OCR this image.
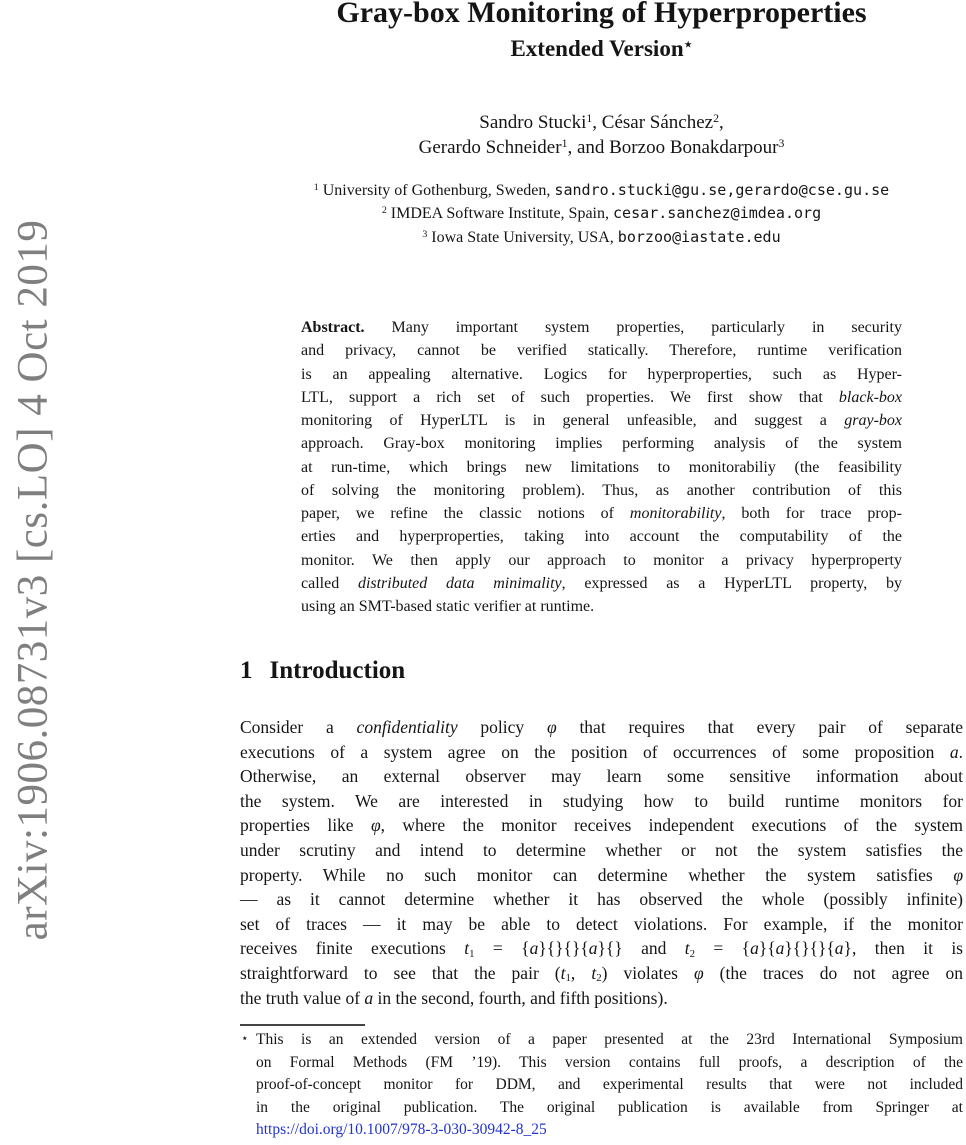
arXiv:1906.08731v3 [cs.LO] 4 Oct 2019
Gray-box Monitoring of Hyperproperties
Extended Version⋆
Sandro Stucki$^1$, César Sánchez$^2$,
Gerardo Schneider$^1$, and Borzoo Bonakdarpour$^3$
$^1$ University of Gothenburg, Sweden, sandro.stucki@gu.se,gerardo@cse.gu.se
$^2$ IMDEA Software Institute, Spain, cesar.sanchez@imdea.org
$^3$ Iowa State University, USA, borzoo@iastate.edu
Abstract. Many important system properties, particularly in security
and privacy, cannot be verified statically. Therefore, runtime verification
is an appealing alternative. Logics for hyperproperties, such as Hyper-
LTL, support a rich set of such properties. We first show that black-box
monitoring of HyperLTL is in general unfeasible, and suggest a gray-box
approach. Gray-box monitoring implies performing analysis of the system
at run-time, which brings new limitations to monitorabiliy (the feasibility
of solving the monitoring problem). Thus, as another contribution of this
paper, we refine the classic notions of monitorability, both for trace prop-
erties and hyperproperties, taking into account the computability of the
monitor. We then apply our approach to monitor a privacy hyperproperty
called distributed data minimality, expressed as a HyperLTL property, by
using an SMT-based static verifier at runtime.
1 Introduction
Consider a confidentiality policy φ that requires that every pair of separate
executions of a system agree on the position of occurrences of some proposition a.
Otherwise, an external observer may learn some sensitive information about
the system. We are interested in studying how to build runtime monitors for
properties like φ, where the monitor receives independent executions of the system
under scrutiny and intend to determine whether or not the system satisfies the
property. While no such monitor can determine whether the system satisfies φ
— as it cannot determine whether it has observed the whole (possibly infinite)
set of traces — it may be able to detect violations. For example, if the monitor
receives finite executions $t_1 = \{a\}\{\}\{\}\{a\}\{\}$ and $t_2 = \{a\}\{a\}\{\}\{\}\{a\}$, then it is
straightforward to see that the pair ($t_1$, $t_2$) violates φ (the traces do not agree on
the truth value of a in the second, fourth, and fifth positions).
⋆ This is an extended version of a paper presented at the 23rd International Symposium
on Formal Methods (FM ’19). This version contains full proofs, a description of the
proof-of-concept monitor for DDM, and experimental results that were not included
in the original publication. The original publication is available from Springer at
https://doi.org/10.1007/978-3-030-30942-8_25
